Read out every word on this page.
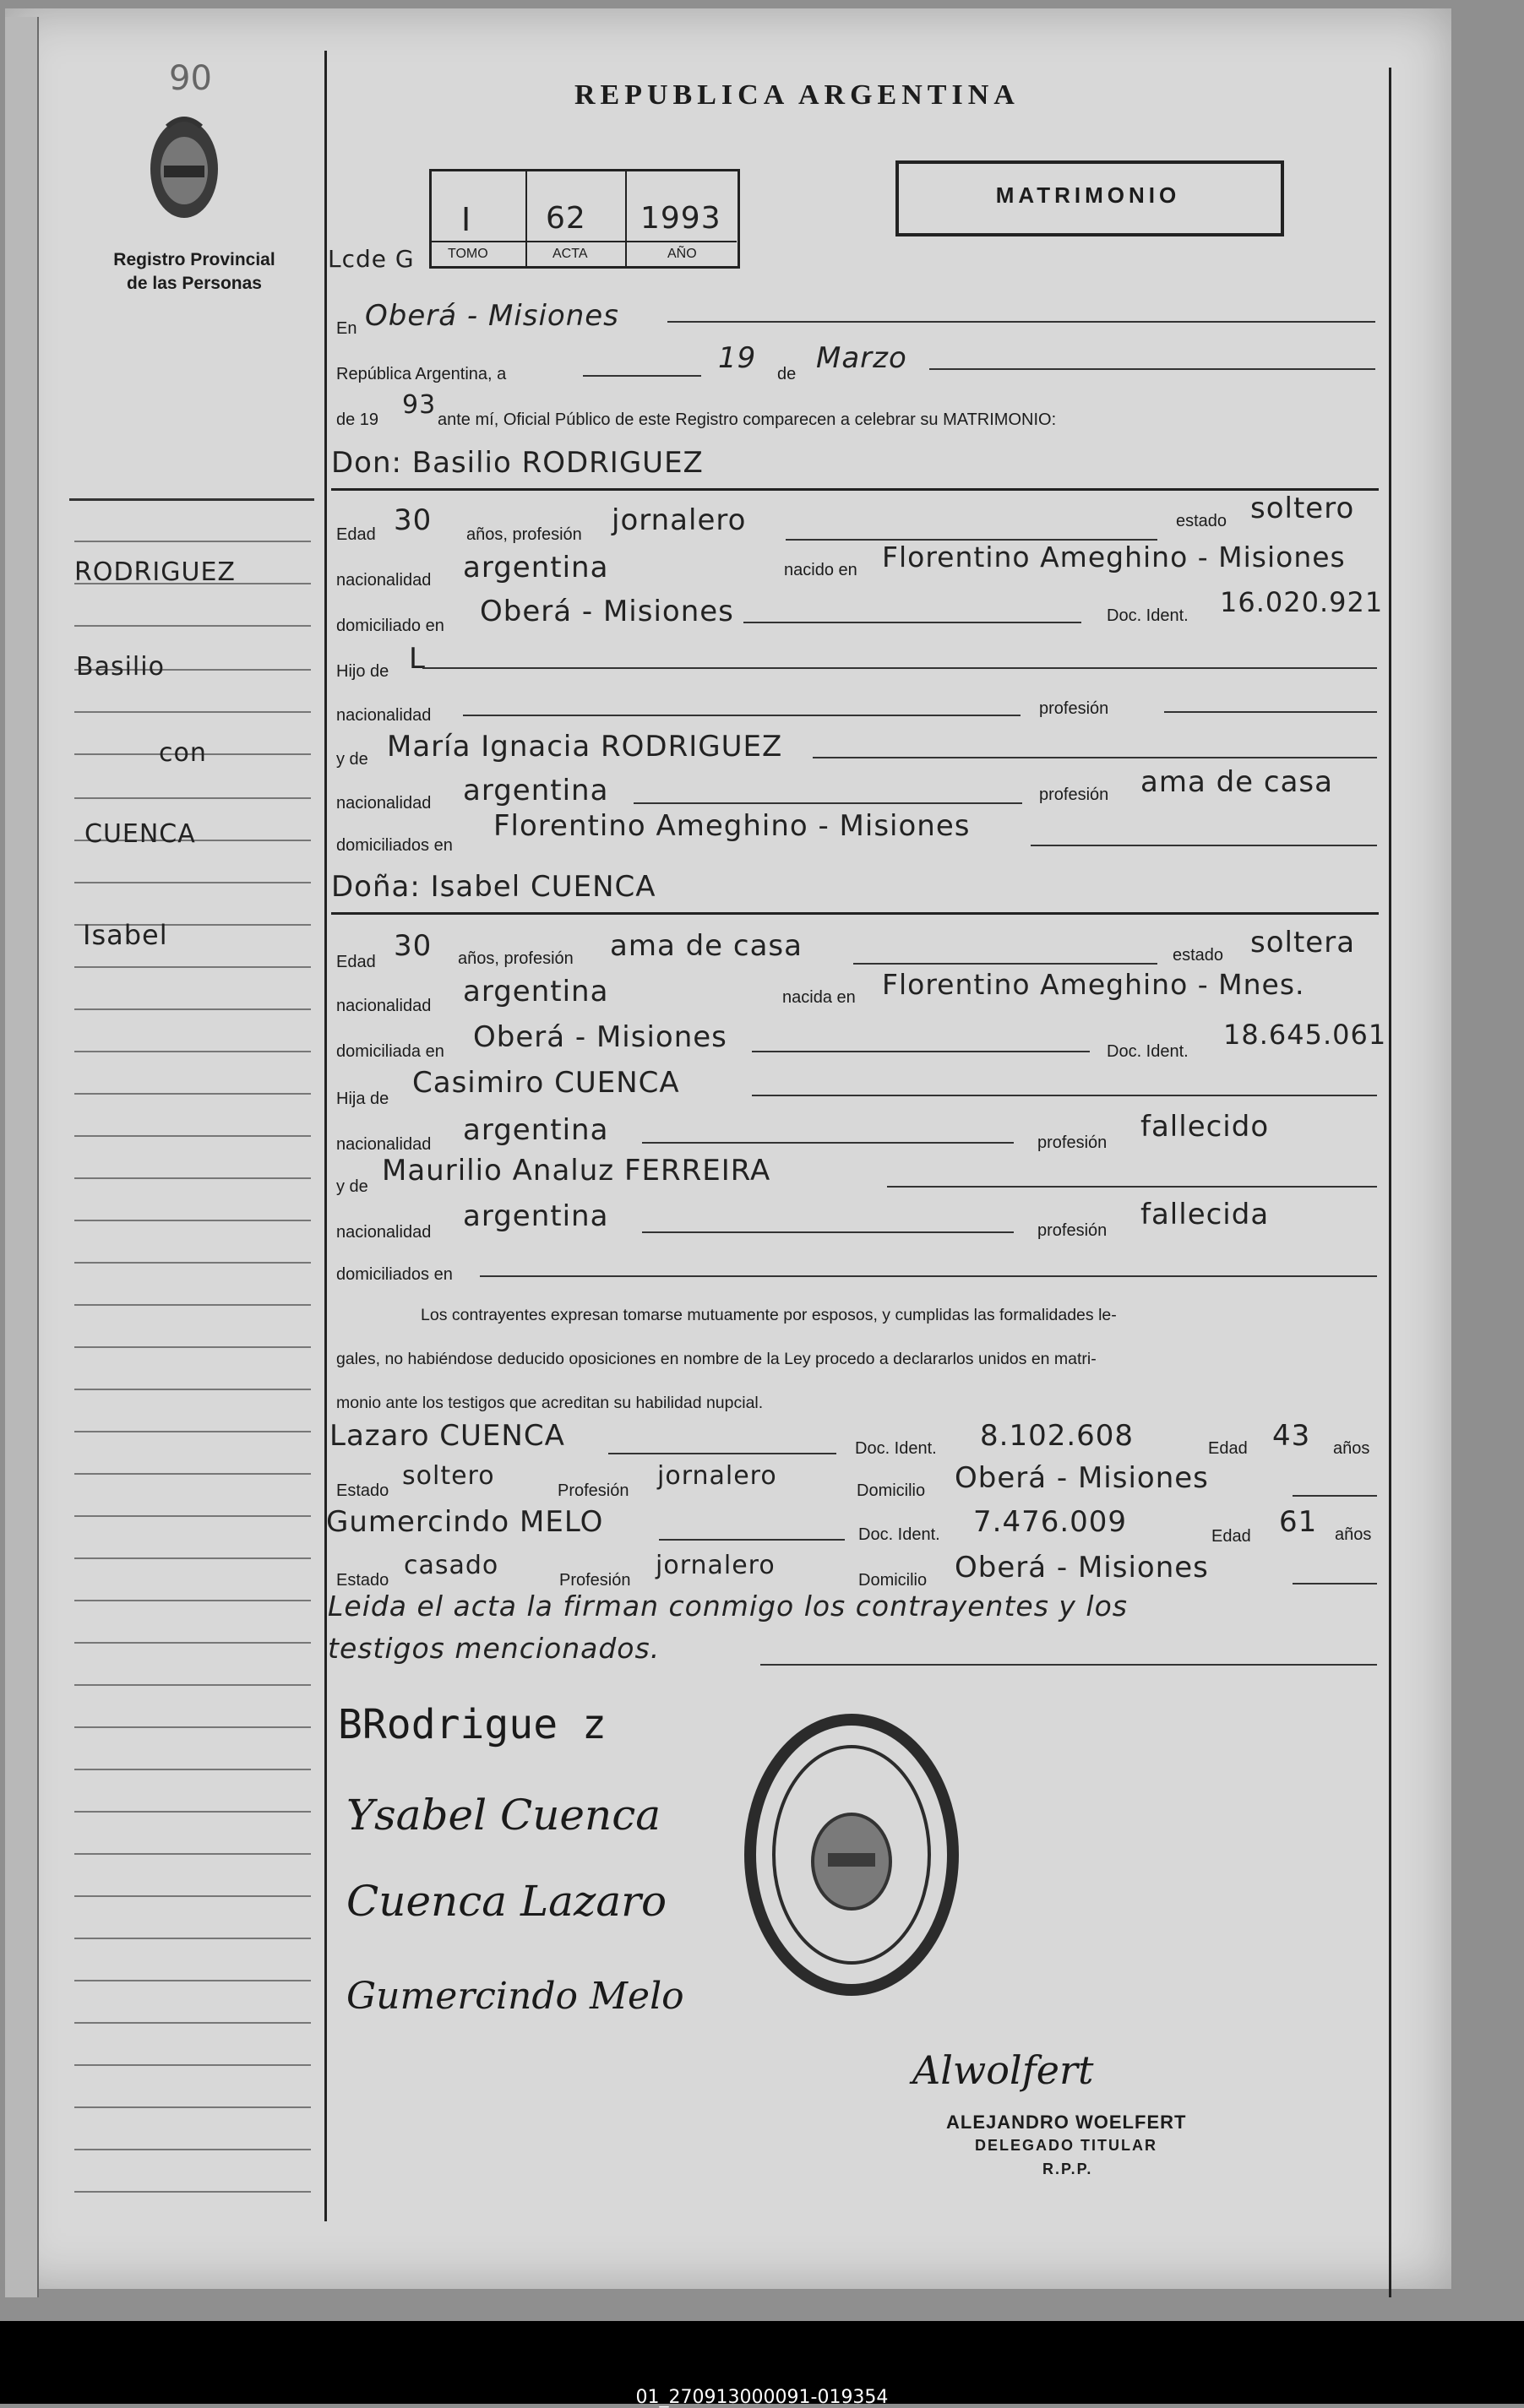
90
Registro Provincial
de las Personas
REPUBLICA ARGENTINA
MATRIMONIO
Lcde G
I 62 1993
TOMO	ACTA	AÑO
En Oberá - Misiones
República Argentina, a	19 de Marzo
de 19 93 ante mí, Oficial Público de este Registro comparecen a celebrar su MATRIMONIO:
RODRIGUEZ
Basilio
con
CUENCA
Isabel
Don: Basilio RODRIGUEZ
Edad 30 años, profesión jornalero	estado soltero
nacionalidad argentina	nacido en Florentino Ameghino - Misiones
domiciliado en Oberá - Misiones	Doc. Ident. 16.020.921
Hijo de L
nacionalidad	profesión
y de María Ignacia RODRIGUEZ
nacionalidad argentina	profesión ama de casa
domiciliados en
Florentino Ameghino - Misiones
Doña: Isabel CUENCA
Edad 30 años, profesión ama de casa	estado soltera
nacionalidad argentina	nacida en Florentino Ameghino - Mnes.
domiciliada en Oberá - Misiones	Doc. Ident.
18.645.061
Hija de Casimiro CUENCA
nacionalidad argentina	profesión fallecido
y de Maurilio Analuz FERREIRA
nacionalidad argentina	profesión fallecida
domiciliados en
Los contrayentes expresan tomarse mutuamente por esposos, y cumplidas las formalidades le-
gales, no habiéndose deducido oposiciones en nombre de la Ley procedo a declararlos unidos en matri-
monio ante los testigos que acreditan su habilidad nupcial.
Lazaro CUENCA	Doc. Ident. 8.102.608	Edad 43 años
Estado soltero	Profesión jornalero	Domicilio Oberá - Misiones
Gumercindo MELO	Doc. Ident. 7.476.009	Edad 61 años
Estado casado	Profesión jornalero	Domicilio Oberá - Misiones
Leida el acta la firman conmigo los contrayentes y los
testigos mencionados.
BRodrigue z
Ysabel Cuenca
Cuenca Lazaro
Gumercindo Melo
Alwolfert
ALEJANDRO WOELFERT
DELEGADO TITULAR
R.P.P.
01_270913000091-019354
